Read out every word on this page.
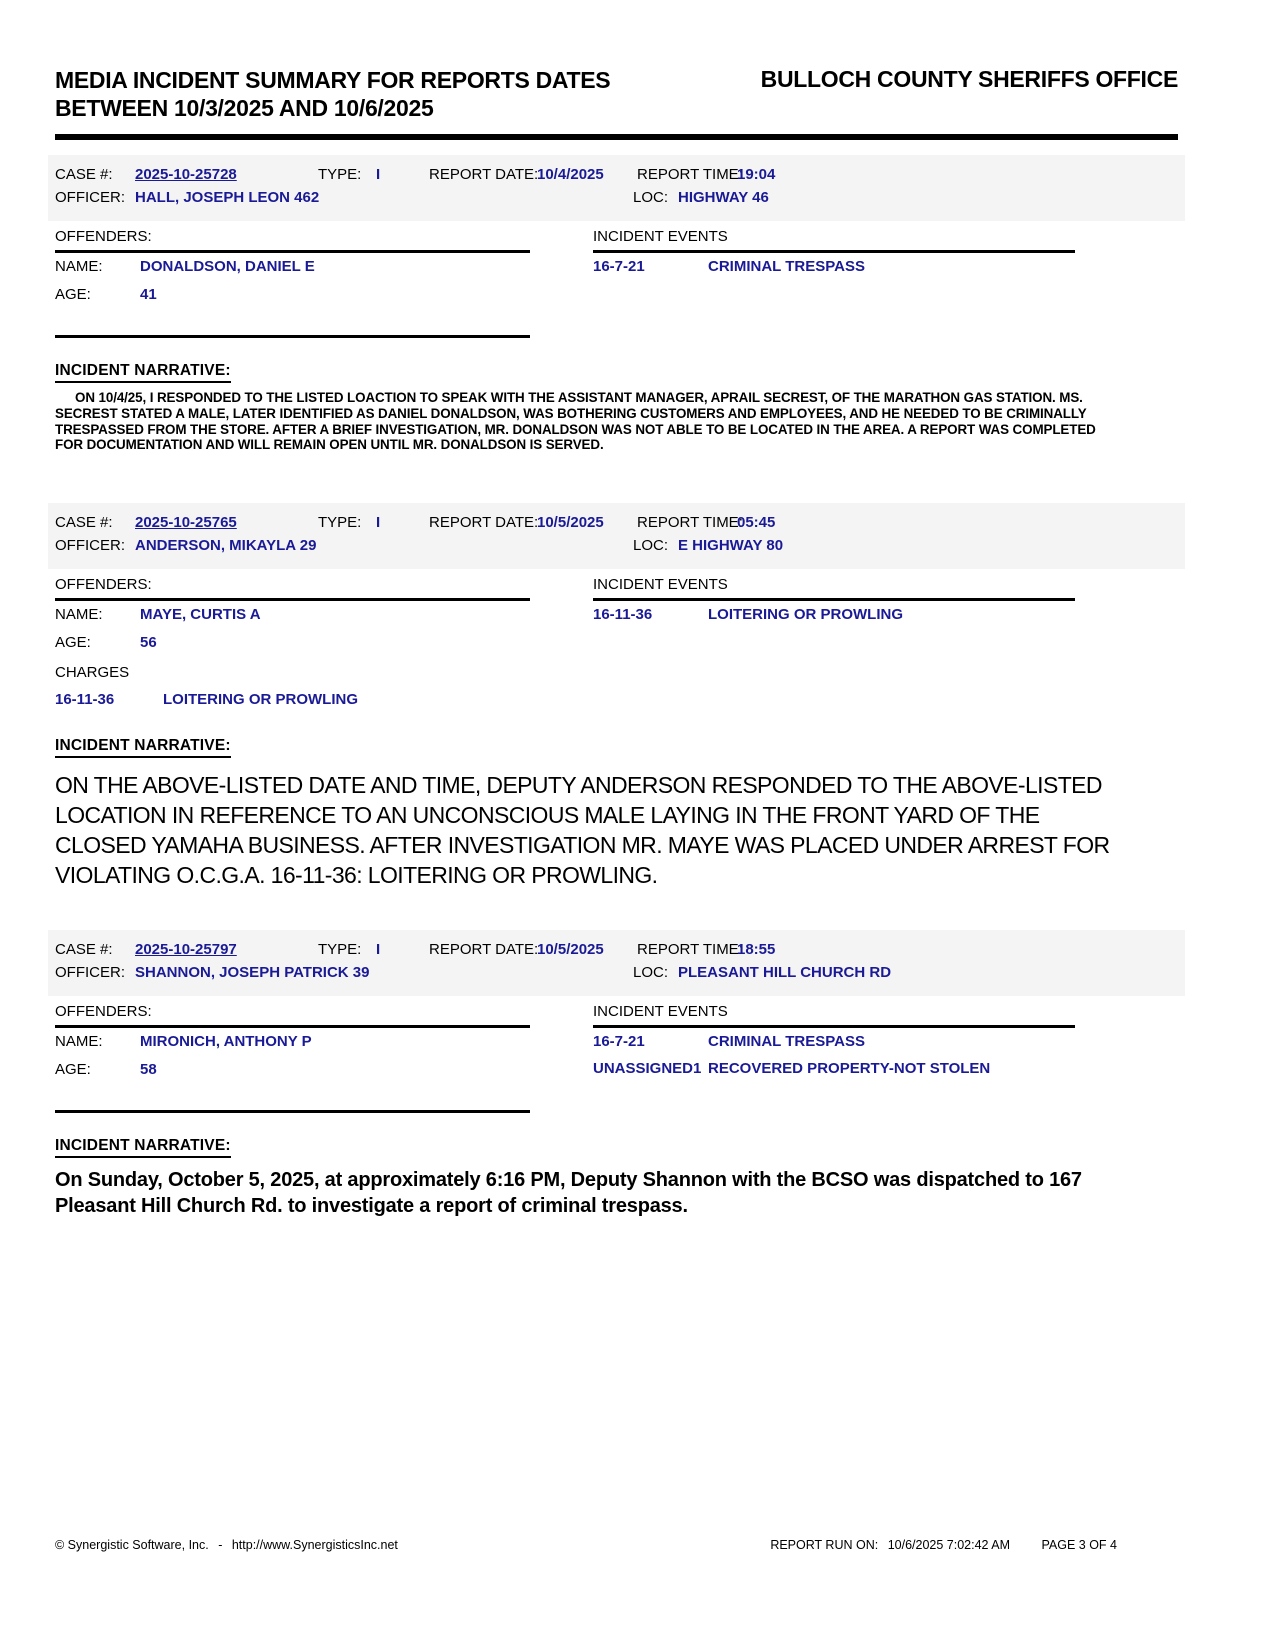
MEDIA INCIDENT SUMMARY FOR REPORTS DATES
BETWEEN 10/3/2025 AND 10/6/2025
BULLOCH COUNTY SHERIFFS OFFICE
CASE #:	2025-10-25728	TYPE: I	REPORT DATE:
10/4/2025	REPORT TIME:
19:04
OFFICER: HALL, JOSEPH LEON 462	LOC: HIGHWAY 46
OFFENDERS:
NAME:	DONALDSON, DANIEL E
AGE:	41
INCIDENT EVENTS
16-7-21	CRIMINAL TRESPASS
INCIDENT NARRATIVE:
ON 10/4/25, I RESPONDED TO THE LISTED LOACTION TO SPEAK WITH THE ASSISTANT MANAGER, APRAIL SECREST, OF THE MARATHON GAS STATION. MS. SECREST STATED A MALE, LATER IDENTIFIED AS DANIEL DONALDSON, WAS BOTHERING CUSTOMERS AND EMPLOYEES, AND HE NEEDED TO BE CRIMINALLY TRESPASSED FROM THE STORE. AFTER A BRIEF INVESTIGATION, MR. DONALDSON WAS NOT ABLE TO BE LOCATED IN THE AREA. A REPORT WAS COMPLETED FOR DOCUMENTATION AND WILL REMAIN OPEN UNTIL MR. DONALDSON IS SERVED.
CASE #:	2025-10-25765	TYPE: I	REPORT DATE:
10/5/2025	REPORT TIME:
05:45
OFFICER: ANDERSON, MIKAYLA 29	LOC: E HIGHWAY 80
OFFENDERS:
NAME:	MAYE, CURTIS A
AGE:	56
CHARGES
16-11-36	LOITERING OR PROWLING
INCIDENT EVENTS
16-11-36	LOITERING OR PROWLING
INCIDENT NARRATIVE:
ON THE ABOVE-LISTED DATE AND TIME, DEPUTY ANDERSON RESPONDED TO THE ABOVE-LISTED LOCATION IN REFERENCE TO AN UNCONSCIOUS MALE LAYING IN THE FRONT YARD OF THE CLOSED YAMAHA BUSINESS. AFTER INVESTIGATION MR. MAYE WAS PLACED UNDER ARREST FOR VIOLATING O.C.G.A. 16-11-36: LOITERING OR PROWLING.
CASE #:	2025-10-25797	TYPE: I	REPORT DATE:
10/5/2025	REPORT TIME:
18:55
OFFICER: SHANNON, JOSEPH PATRICK 39	LOC: PLEASANT HILL CHURCH RD
OFFENDERS:
NAME:	MIRONICH, ANTHONY P
AGE:	58
INCIDENT EVENTS
16-7-21	CRIMINAL TRESPASS
UNASSIGNED1 RECOVERED PROPERTY-NOT STOLEN
INCIDENT NARRATIVE:
On Sunday, October 5, 2025, at approximately 6:16 PM, Deputy Shannon with the BCSO was dispatched to 167 Pleasant Hill Church Rd. to investigate a report of criminal trespass.
© Synergistic Software, Inc. - http://www.SynergisticsInc.net	REPORT RUN ON: 10/6/2025 7:02:42 AM	PAGE 3 OF 4
